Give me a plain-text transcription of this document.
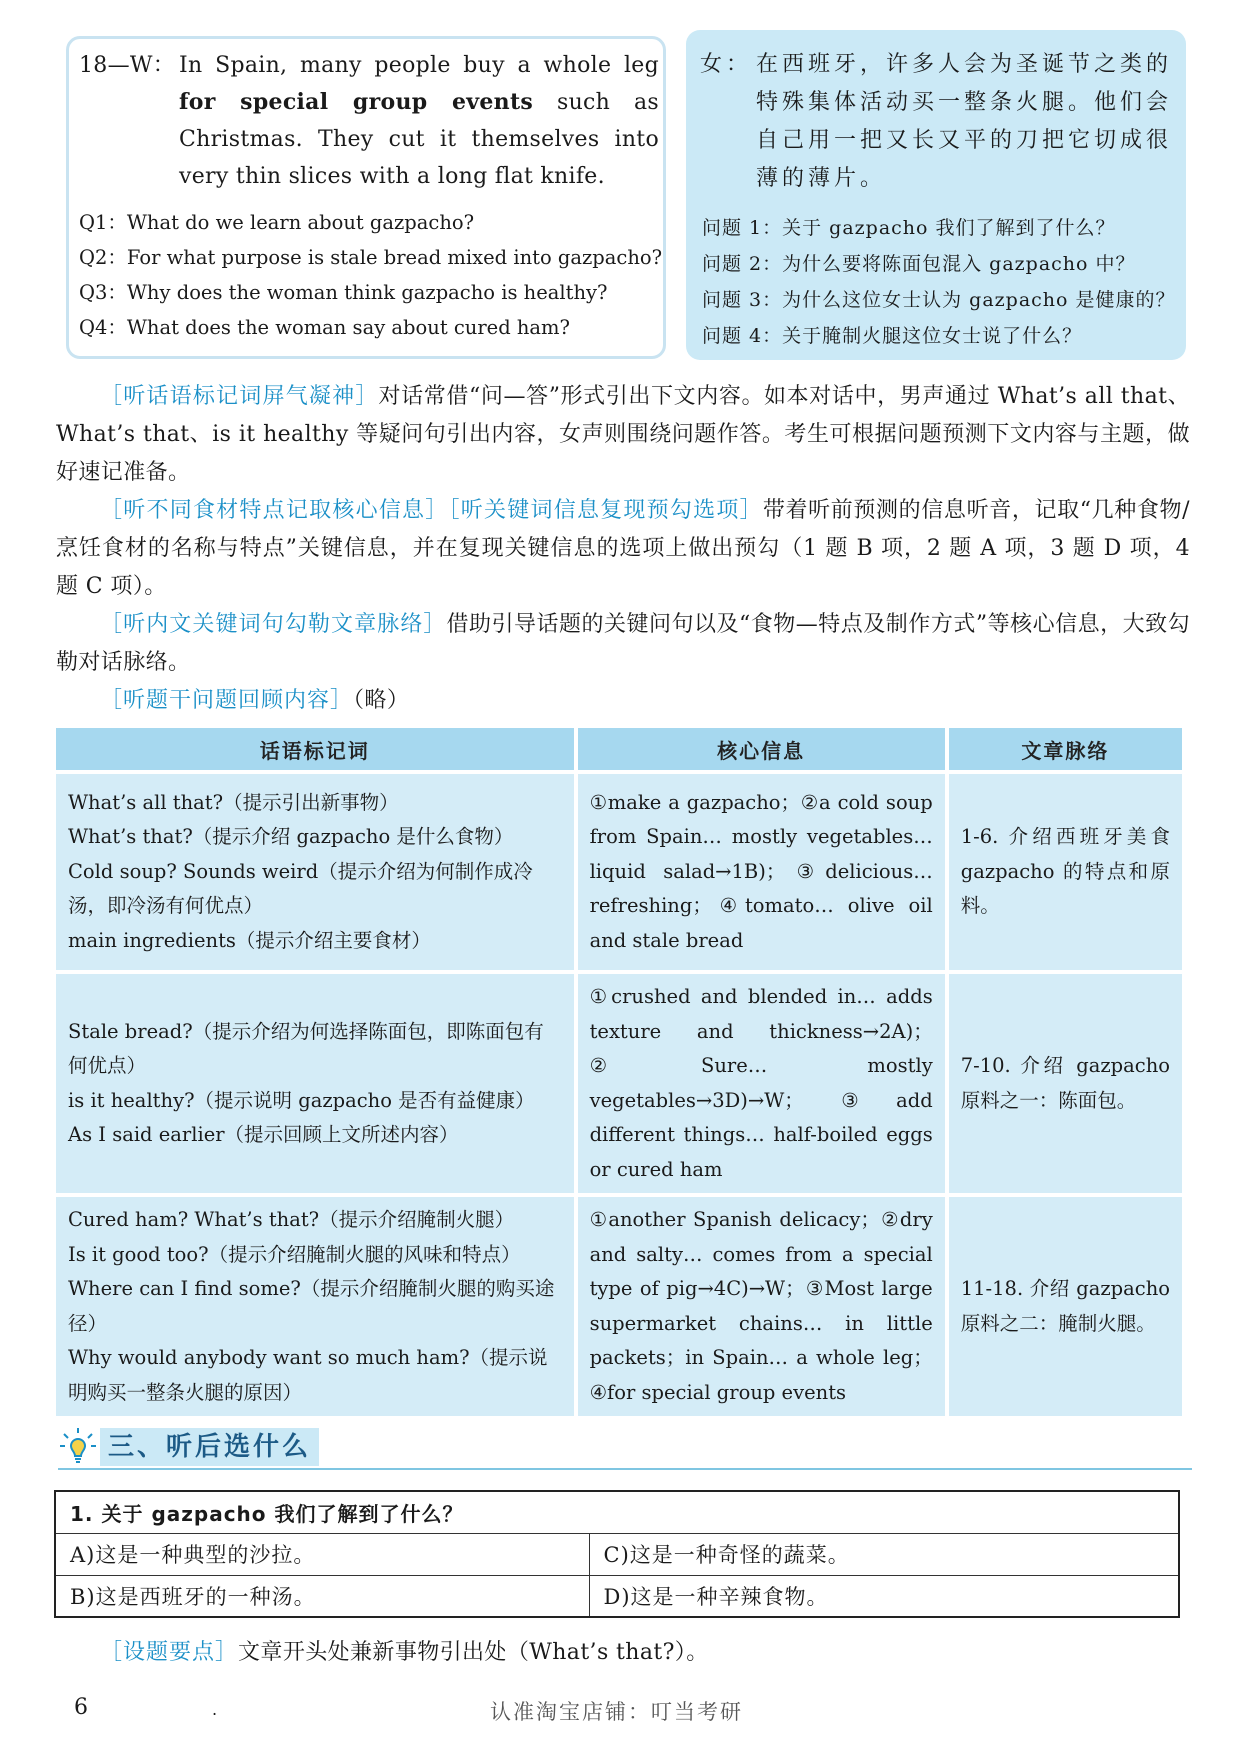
18—W： In Spain, many people buy a whole leg for special group events such as Christmas. They cut it themselves into very thin slices with a long flat knife.
Q1：What do we learn about gazpacho?
Q2：For what purpose is stale bread mixed into gazpacho?
Q3：Why does the woman think gazpacho is healthy?
Q4：What does the woman say about cured ham?
女： 在西班牙，许多人会为圣诞节之类的特殊集体活动买一整条火腿。他们会自己用一把又长又平的刀把它切成很薄的薄片。
问题 1：关于 gazpacho 我们了解到了什么？
问题 2：为什么要将陈面包混入 gazpacho 中？
问题 3：为什么这位女士认为 gazpacho 是健康的？
问题 4：关于腌制火腿这位女士说了什么？
［听话语标记词屏气凝神］对话常借“问—答”形式引出下文内容。如本对话中，男声通过 What’s all that、What’s that、is it healthy 等疑问句引出内容，女声则围绕问题作答。考生可根据问题预测下文内容与主题，做好速记准备。
［听不同食材特点记取核心信息］［听关键词信息复现预勾选项］带着听前预测的信息听音，记取“几种食物/烹饪食材的名称与特点”关键信息，并在复现关键信息的选项上做出预勾（1 题 B 项，2 题 A 项，3 题 D 项，4 题 C 项）。
［听内文关键词句勾勒文章脉络］借助引导话题的关键问句以及“食物—特点及制作方式”等核心信息，大致勾勒对话脉络。
［听题干问题回顾内容］（略）
话语标记词	核心信息	文章脉络

What’s all that?（提示引出新事物）
What’s that?（提示介绍 gazpacho 是什么食物）
Cold soup? Sounds weird（提示介绍为何制作成冷汤，即冷汤有何优点）
main ingredients（提示介绍主要食材）	①make a gazpacho；②a cold soup from Spain… mostly vegetables… liquid salad→1B)；③delicious… refreshing；④tomato… olive oil and stale bread	1-6. 介绍西班牙美食 gazpacho 的特点和原料。

Stale bread?（提示介绍为何选择陈面包，即陈面包有何优点）
is it healthy?（提示说明 gazpacho 是否有益健康）
As I said earlier（提示回顾上文所述内容）	①crushed and blended in… adds texture and thickness→2A)；②Sure… mostly vegetables→3D)→W；③add different things… half-boiled eggs or cured ham	7-10. 介绍 gazpacho 原料之一：陈面包。

Cured ham? What’s that?（提示介绍腌制火腿）
Is it good too?（提示介绍腌制火腿的风味和特点）
Where can I find some?（提示介绍腌制火腿的购买途径）
Why would anybody want so much ham?（提示说明购买一整条火腿的原因）	①another Spanish delicacy；②dry and salty… comes from a special type of pig→4C)→W；③Most large supermarket chains… in little packets；in Spain… a whole leg；④for special group events	11-18. 介绍 gazpacho 原料之二：腌制火腿。
三、听后选什么
1. 关于 gazpacho 我们了解到了什么？	
A)这是一种典型的沙拉。	C)这是一种奇怪的蔬菜。
B)这是西班牙的一种汤。	D)这是一种辛辣食物。
［设题要点］文章开头处兼新事物引出处（What’s that?）。
6	.	认准淘宝店铺：叮当考研
